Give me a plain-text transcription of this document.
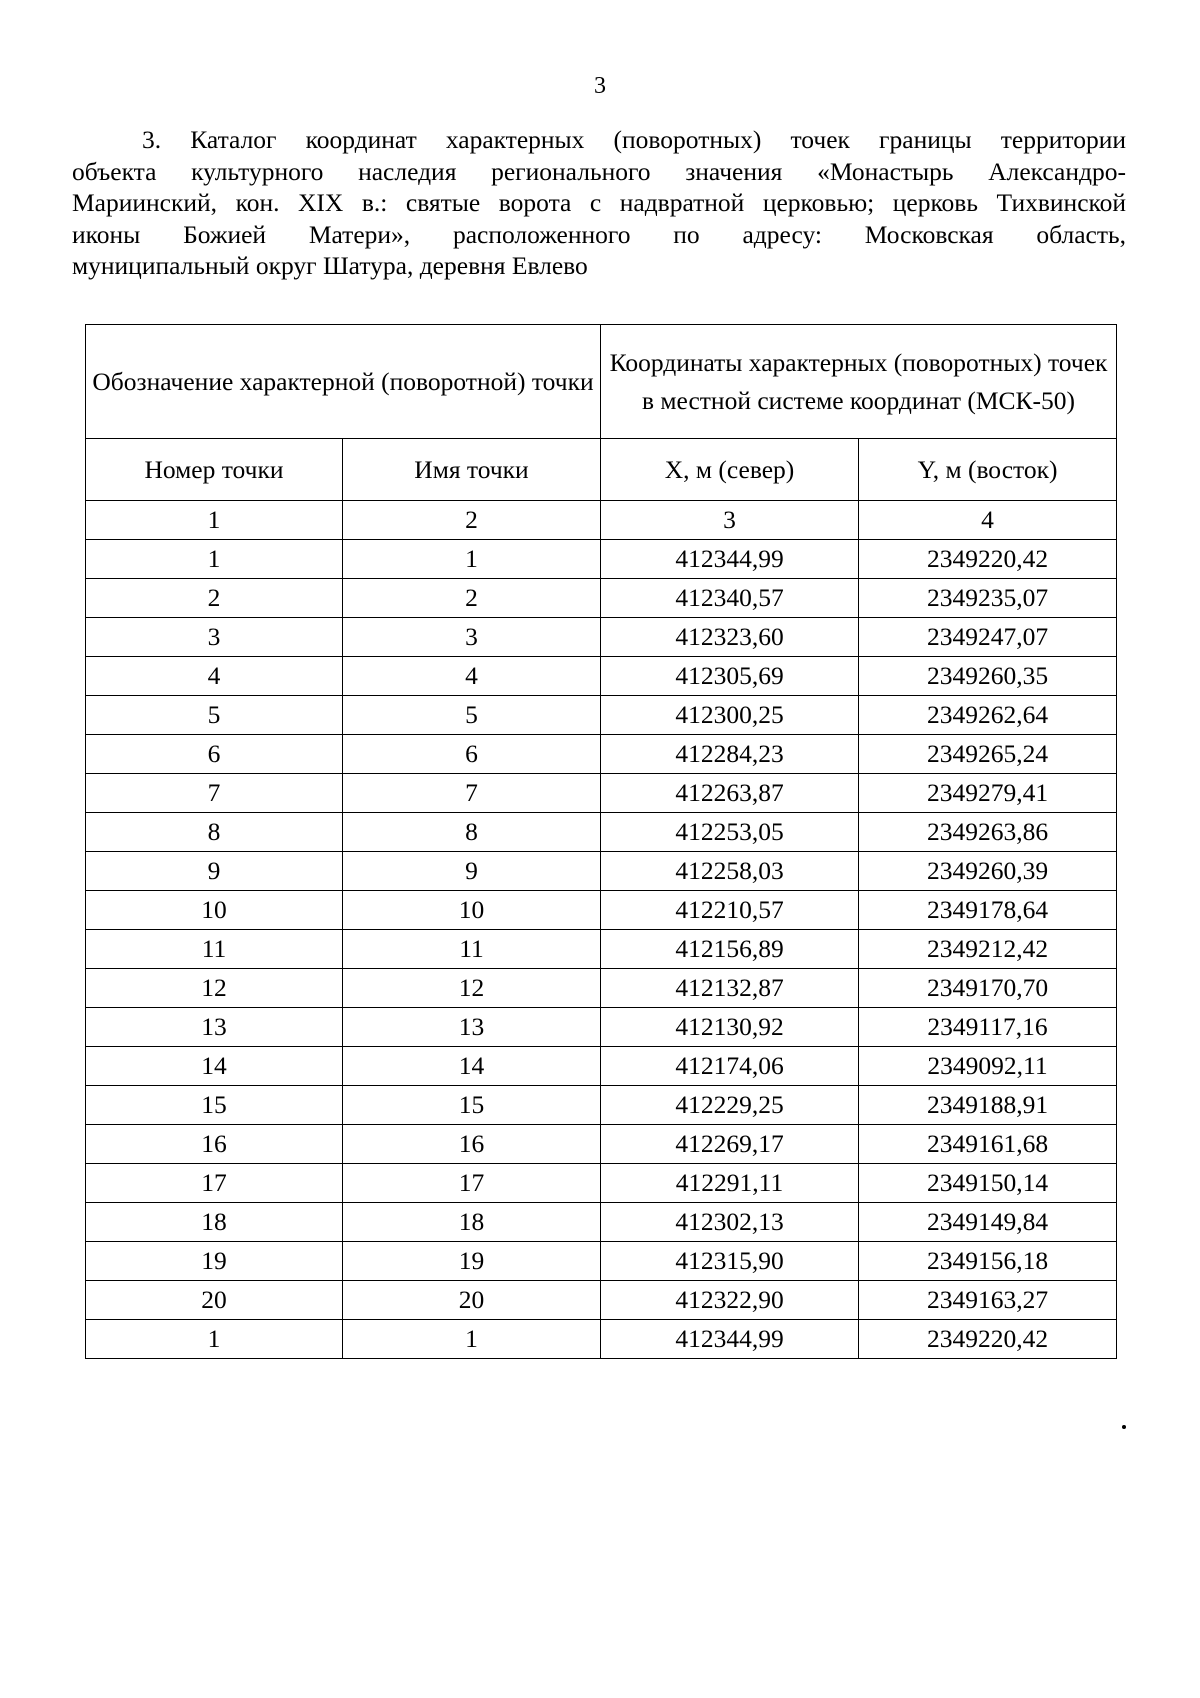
3
3. Каталог координат характерных (поворотных) точек границы территории
объекта культурного наследия регионального значения «Монастырь Александро-
Мариинский, кон. XIX в.: святые ворота с надвратной церковью; церковь Тихвинской
иконы Божией Матери», расположенного по адресу: Московская область,
муниципальный округ Шатура, деревня Евлево
Обозначение характерной (поворотной) точки		Координаты характерных (поворотных) точек в местной системе координат (МСК-50)	
Номер точки	Имя точки	X, м (север)	Y, м (восток)
1	2	3	4
1	1	412344,99	2349220,42
2	2	412340,57	2349235,07
3	3	412323,60	2349247,07
4	4	412305,69	2349260,35
5	5	412300,25	2349262,64
6	6	412284,23	2349265,24
7	7	412263,87	2349279,41
8	8	412253,05	2349263,86
9	9	412258,03	2349260,39
10	10	412210,57	2349178,64
11	11	412156,89	2349212,42
12	12	412132,87	2349170,70
13	13	412130,92	2349117,16
14	14	412174,06	2349092,11
15	15	412229,25	2349188,91
16	16	412269,17	2349161,68
17	17	412291,11	2349150,14
18	18	412302,13	2349149,84
19	19	412315,90	2349156,18
20	20	412322,90	2349163,27
1	1	412344,99	2349220,42
